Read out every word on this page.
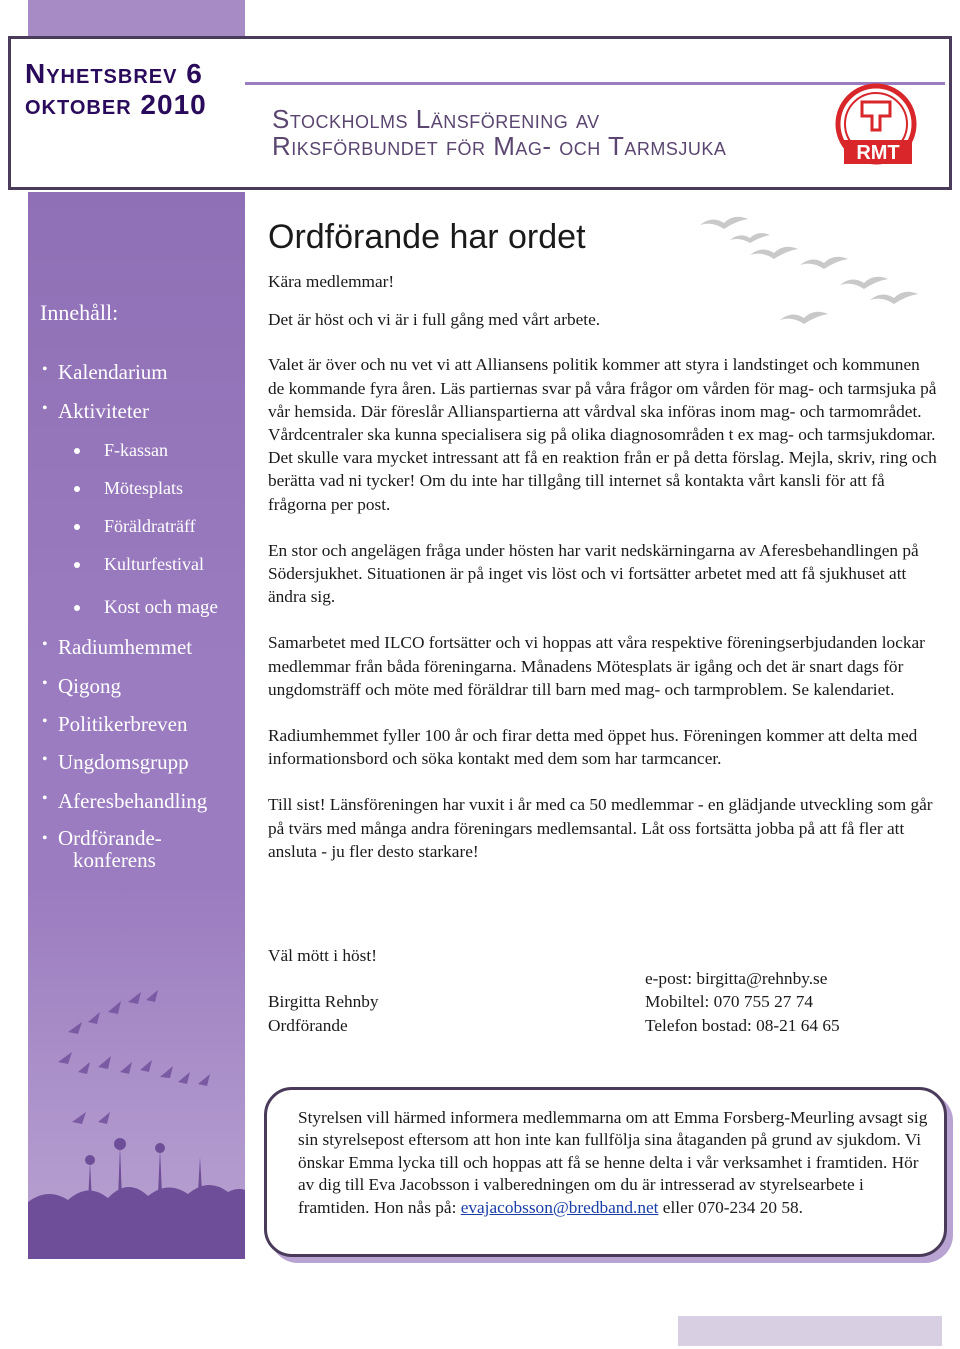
Nyhetsbrev 6
oktober 2010	Stockholms Länsförening av
Riksförbundet för Mag- och Tarmsjuka	RMT
Innehåll:
• Kalendarium
• Aktiviteter
F-kassan
Mötesplats
Föräldraträff
Kulturfestival
Kost och mage
• Radiumhemmet
• Qigong
• Politikerbreven
• Ungdomsgrupp
• Aferesbehandling
• Ordförande-
konferens
Ordförande har ordet

Kära medlemmar!

Det är höst och vi är i full gång med vårt arbete.

Valet är över och nu vet vi att Alliansens politik kommer att styra i landstinget och kommunen de kommande fyra åren. Läs partiernas svar på våra frågor om vården för mag- och tarmsjuka på vår hemsida. Där föreslår Allianspartierna att vårdval ska införas inom mag- och tarmområdet. Vårdcentraler ska kunna specialisera sig på olika diagnosområden t ex mag- och tarmsjukdomar. Det skulle vara mycket intressant att få en reaktion från er på detta förslag. Mejla, skriv, ring och berätta vad ni tycker! Om du inte har tillgång till internet så kontakta vårt kansli för att få frågorna per post.

En stor och angelägen fråga under hösten har varit nedskärningarna av Aferesbehandlingen på Södersjukhet. Situationen är på inget vis löst och vi fortsätter arbetet med att få sjukhuset att ändra sig.

Samarbetet med ILCO fortsätter och vi hoppas att våra respektive föreningserbjudanden lockar medlemmar från båda föreningarna. Månadens Mötesplats är igång och det är snart dags för ungdomsträff och möte med föräldrar till barn med mag- och tarmproblem. Se kalendariet.

Radiumhemmet fyller 100 år och firar detta med öppet hus. Föreningen kommer att delta med informationsbord och söka kontakt med dem som har tarmcancer.

Till sist! Länsföreningen har vuxit i år med ca 50 medlemmar - en glädjande utveckling som går på tvärs med många andra föreningars medlemsantal. Låt oss fortsätta jobba på att få fler att ansluta - ju fler desto starkare!

Väl mött i höst!
Birgitta Rehnby
Ordförande
e-post: birgitta@rehnby.se
Mobiltel: 070 755 27 74
Telefon bostad: 08-21 64 65
Styrelsen vill härmed informera medlemmarna om att Emma Forsberg-Meurling avsagt sig sin styrelsepost eftersom att hon inte kan fullfölja sina åtaganden på grund av sjukdom. Vi önskar Emma lycka till och hoppas att få se henne delta i vår verksamhet i framtiden. Hör av dig till Eva Jacobsson i valberedningen om du är intresserad av styrelsearbete i framtiden. Hon nås på: evajacobsson@bredband.net eller 070-234 20 58.
